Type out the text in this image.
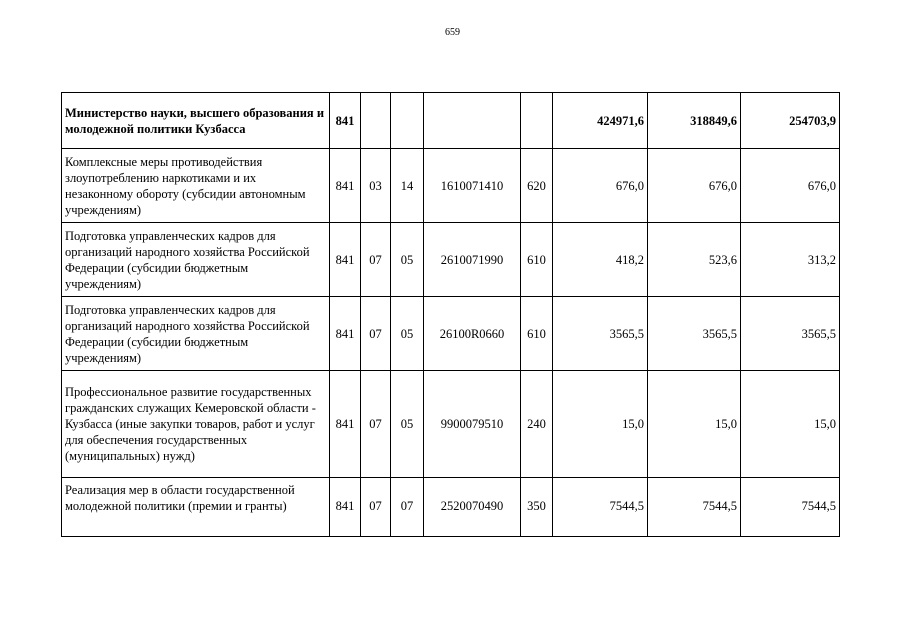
659
Министерство науки, высшего образования и молодежной политики Кузбасса	841					424971,6	318849,6	254703,9
Комплексные меры противодействия злоупотреблению наркотиками и их незаконному обороту (субсидии автономным учреждениям)	841	03	14	1610071410	620	676,0	676,0	676,0
Подготовка управленческих кадров для организаций народного хозяйства Российской Федерации (субсидии бюджетным учреждениям)	841	07	05	2610071990	610	418,2	523,6	313,2
Подготовка управленческих кадров для организаций народного хозяйства Российской Федерации (субсидии бюджетным учреждениям)	841	07	05	26100R0660	610	3565,5	3565,5	3565,5
Профессиональное развитие государственных гражданских служащих Кемеровской области - Кузбасса (иные закупки товаров, работ и услуг для обеспечения государственных (муниципальных) нужд)	841	07	05	9900079510	240	15,0	15,0	15,0
Реализация мер в области государственной молодежной политики (премии и гранты)	841	07	07	2520070490	350	7544,5	7544,5	7544,5
